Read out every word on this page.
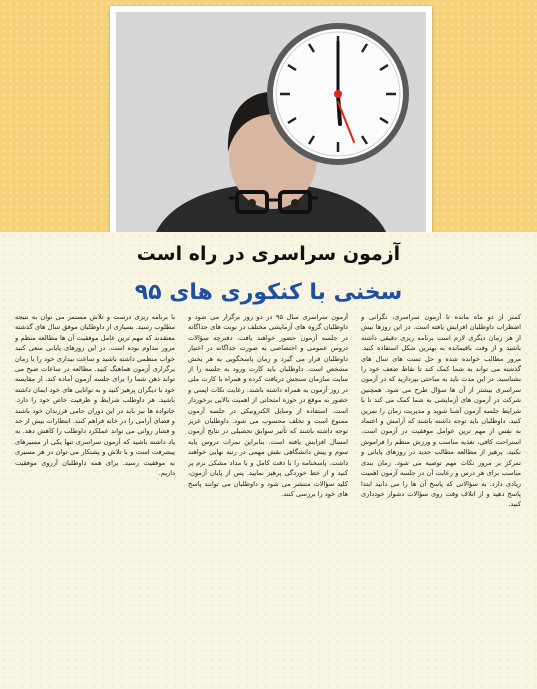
آزمون سراسری در راه است
سخنی با کنکوری های ۹۵

کمتر از دو ماه مانده تا آزمون سراسری، نگرانی و اضطراب داوطلبان افزایش یافته است. در این روزها بیش از هر زمان دیگری لازم است برنامه ریزی دقیقی داشته باشید و از وقت باقیمانده به بهترین شکل استفاده کنید. مرور مطالب خوانده شده و حل تست های سال های گذشته می تواند به شما کمک کند تا نقاط ضعف خود را بشناسید. در این مدت باید به مباحثی بپردازید که در آزمون سراسری بیشتر از آن ها سؤال طرح می شود. همچنین شرکت در آزمون های آزمایشی به شما کمک می کند تا با شرایط جلسه آزمون آشنا شوید و مدیریت زمان را تمرین کنید. داوطلبان باید توجه داشته باشند که آرامش و اعتماد به نفس از مهم ترین عوامل موفقیت در آزمون است. استراحت کافی، تغذیه مناسب و ورزش منظم را فراموش نکنید. پرهیز از مطالعه مطالب جدید در روزهای پایانی و تمرکز بر مرور نکات مهم توصیه می شود. زمان بندی مناسب برای هر درس و رعایت آن در جلسه آزمون اهمیت زیادی دارد. به سؤالاتی که پاسخ آن ها را می دانید ابتدا پاسخ دهید و از اتلاف وقت روی سؤالات دشوار خودداری کنید.

آزمون سراسری سال ۹۵ در دو روز برگزار می شود و داوطلبان گروه های آزمایشی مختلف در نوبت های جداگانه در جلسه آزمون حضور خواهند یافت. دفترچه سؤالات دروس عمومی و اختصاصی به صورت جداگانه در اختیار داوطلبان قرار می گیرد و زمان پاسخگویی به هر بخش مشخص است. داوطلبان باید کارت ورود به جلسه را از سایت سازمان سنجش دریافت کرده و همراه با کارت ملی در روز آزمون به همراه داشته باشند. رعایت نکات ایمنی و حضور به موقع در حوزه امتحانی از اهمیت بالایی برخوردار است. استفاده از وسایل الکترونیکی در جلسه آزمون ممنوع است و تخلف محسوب می شود. داوطلبان عزیز توجه داشته باشند که تأثیر سوابق تحصیلی در نتایج آزمون امسال افزایش یافته است. بنابراین نمرات دروس پایه سوم و پیش دانشگاهی نقش مهمی در رتبه نهایی خواهند داشت. پاسخنامه را با دقت کامل و با مداد مشکی نرم پر کنید و از خط خوردگی پرهیز نمایید. پس از پایان آزمون، کلید سؤالات منتشر می شود و داوطلبان می توانند پاسخ های خود را بررسی کنند.

با برنامه ریزی درست و تلاش مستمر می توان به نتیجه مطلوب رسید. بسیاری از داوطلبان موفق سال های گذشته معتقدند که مهم ترین عامل موفقیت آن ها مطالعه منظم و مرور مداوم بوده است. در این روزهای پایانی سعی کنید خواب منظمی داشته باشید و ساعت بیداری خود را با زمان برگزاری آزمون هماهنگ کنید. مطالعه در ساعات صبح می تواند ذهن شما را برای جلسه آزمون آماده کند. از مقایسه خود با دیگران پرهیز کنید و به توانایی های خود ایمان داشته باشید. هر داوطلب شرایط و ظرفیت خاص خود را دارد. خانواده ها نیز باید در این دوران حامی فرزندان خود باشند و فضای آرامی را در خانه فراهم کنند. انتظارات بیش از حد و فشار روانی می تواند عملکرد داوطلب را کاهش دهد. به یاد داشته باشید که آزمون سراسری تنها یکی از مسیرهای پیشرفت است و با تلاش و پشتکار می توان در هر مسیری به موفقیت رسید. برای همه داوطلبان آرزوی موفقیت داریم.
